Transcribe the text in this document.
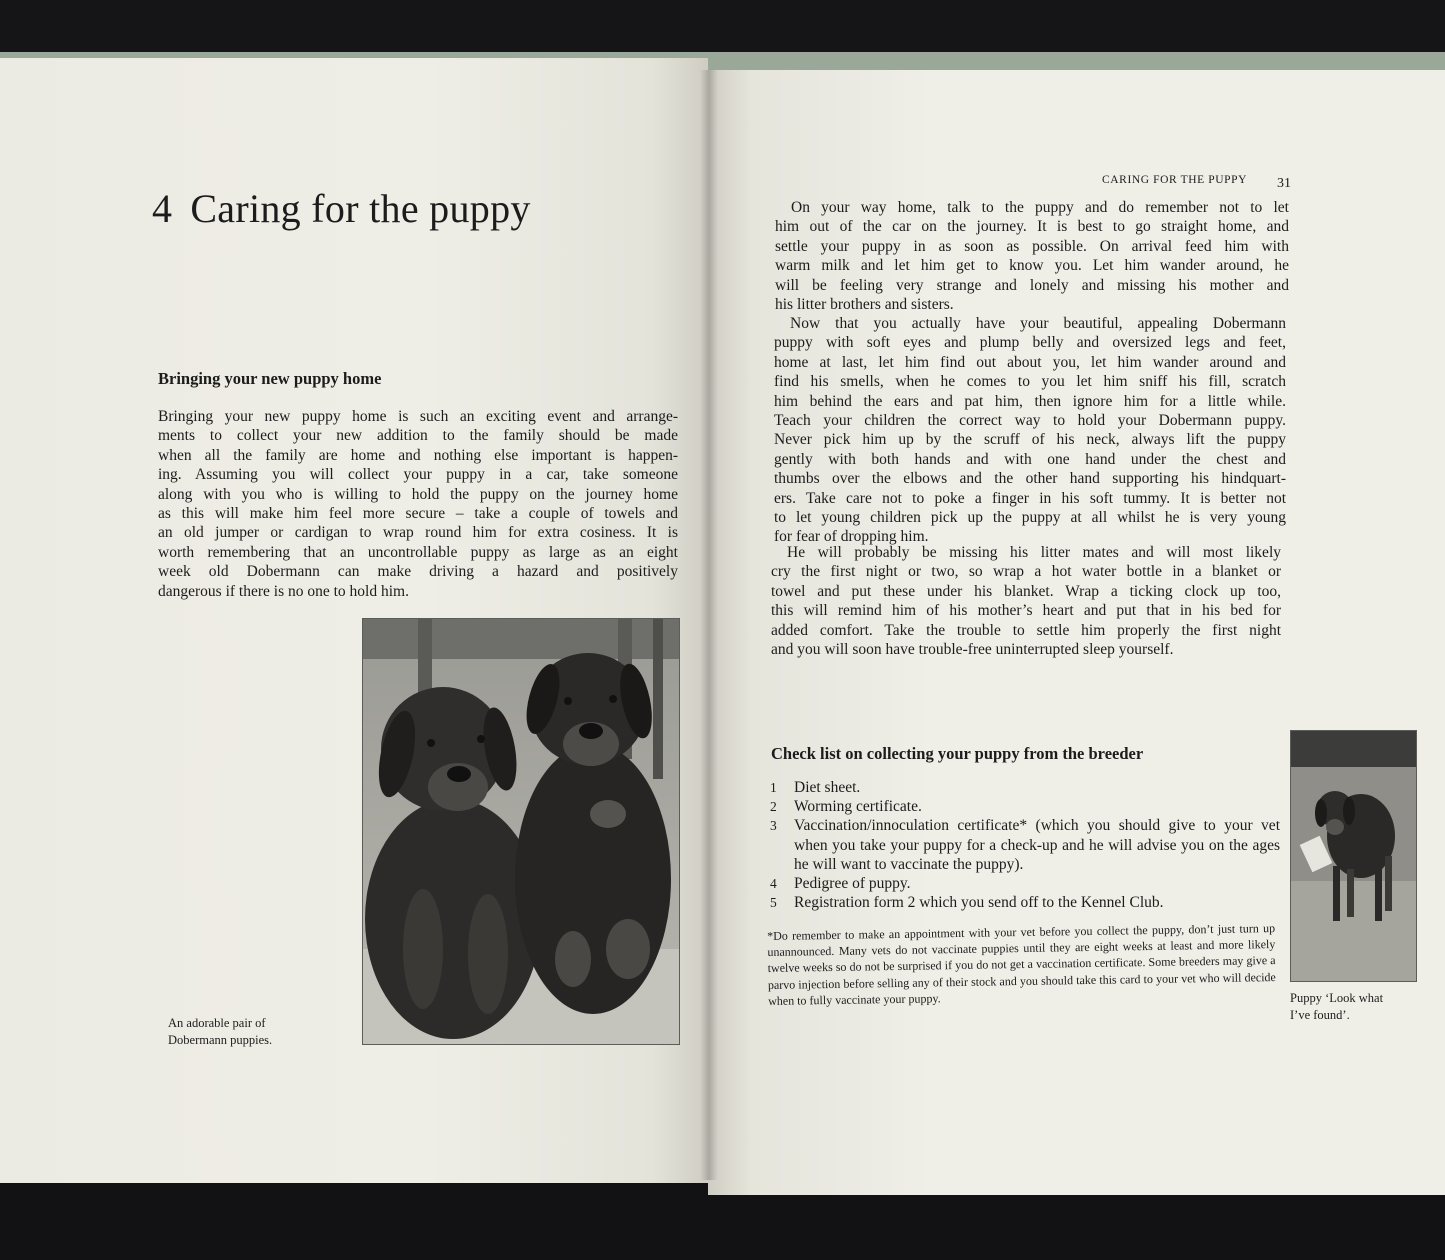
4 Caring for the puppy
Bringing your new puppy home
Bringing your new puppy home is such an exciting event and arrange-
ments to collect your new addition to the family should be made
when all the family are home and nothing else important is happen-
ing. Assuming you will collect your puppy in a car, take someone
along with you who is willing to hold the puppy on the journey home
as this will make him feel more secure – take a couple of towels and
an old jumper or cardigan to wrap round him for extra cosiness. It is
worth remembering that an uncontrollable puppy as large as an eight
week old Dobermann can make driving a hazard and positively
dangerous if there is no one to hold him.
An adorable pair of
Dobermann puppies.
CARING FOR THE PUPPY 31
On your way home, talk to the puppy and do remember not to let
him out of the car on the journey. It is best to go straight home, and
settle your puppy in as soon as possible. On arrival feed him with
warm milk and let him get to know you. Let him wander around, he
will be feeling very strange and lonely and missing his mother and
his litter brothers and sisters.
Now that you actually have your beautiful, appealing Dobermann
puppy with soft eyes and plump belly and oversized legs and feet,
home at last, let him find out about you, let him wander around and
find his smells, when he comes to you let him sniff his fill, scratch
him behind the ears and pat him, then ignore him for a little while.
Teach your children the correct way to hold your Dobermann puppy.
Never pick him up by the scruff of his neck, always lift the puppy
gently with both hands and with one hand under the chest and
thumbs over the elbows and the other hand supporting his hindquart-
ers. Take care not to poke a finger in his soft tummy. It is better not
to let young children pick up the puppy at all whilst he is very young
for fear of dropping him.
He will probably be missing his litter mates and will most likely
cry the first night or two, so wrap a hot water bottle in a blanket or
towel and put these under his blanket. Wrap a ticking clock up too,
this will remind him of his mother’s heart and put that in his bed for
added comfort. Take the trouble to settle him properly the first night
and you will soon have trouble-free uninterrupted sleep yourself.
Check list on collecting your puppy from the breeder
1 Diet sheet.
2 Worming certificate.
3 Vaccination/innoculation certificate* (which you should give to your vet when you take your puppy for a check-up and he will advise you on the ages he will want to vaccinate the puppy).
4 Pedigree of puppy.
5 Registration form 2 which you send off to the Kennel Club.

*Do remember to make an appointment with your vet before you collect the puppy, don’t just turn up unannounced. Many vets do not vaccinate puppies until they are eight weeks at least and more likely twelve weeks so do not be surprised if you do not get a vaccination certificate. Some breeders may give a parvo injection before selling any of their stock and you should take this card to your vet who will decide when to fully vaccinate your puppy.	Puppy ‘Look what
I’ve found’.
